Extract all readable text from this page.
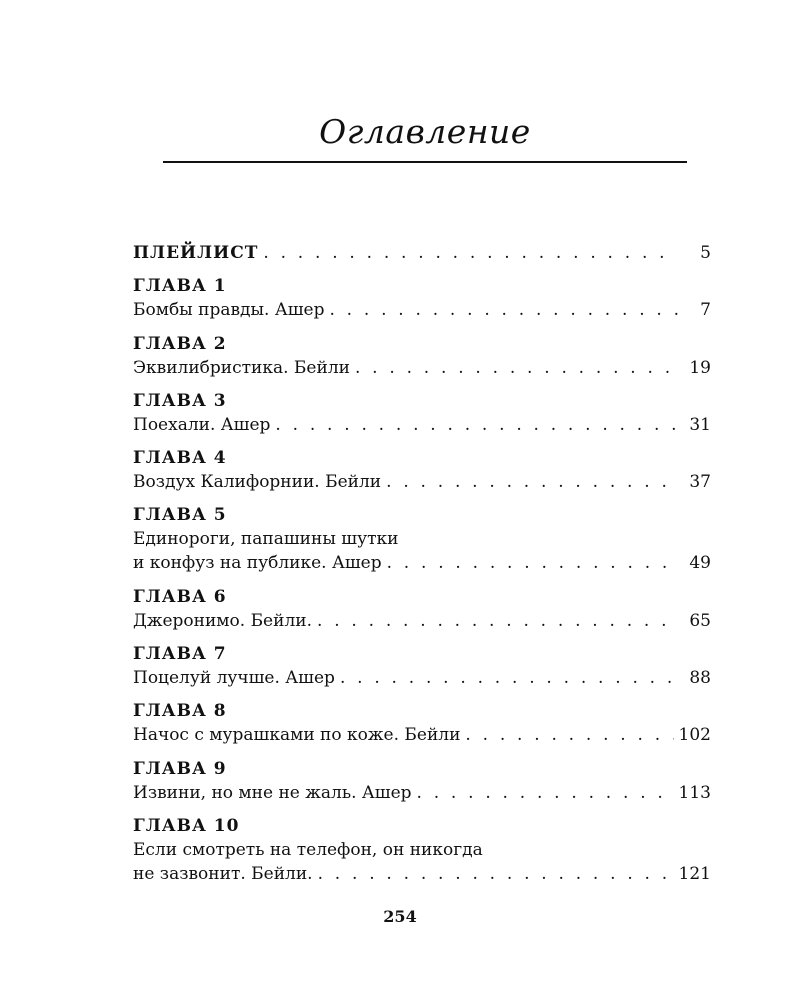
Оглавление
ПЛЕЙЛИСТ . . .	5
ГЛАВА 1
Бомбы правды. Ашер . . .	7
ГЛАВА 2
Эквилибристика. Бейли . . .	19
ГЛАВА 3
Поехали. Ашер . . .	31
ГЛАВА 4
Воздух Калифорнии. Бейли . . .	37
ГЛАВА 5
Единороги, папашины шутки
и конфуз на публике. Ашер . . .	49
ГЛАВА 6
Джеронимо. Бейли. . . .	65
ГЛАВА 7
Поцелуй лучше. Ашер . . .	88
ГЛАВА 8
Начос с мурашками по коже. Бейли . . .	102
ГЛАВА 9
Извини, но мне не жаль. Ашер . . .	113
ГЛАВА 10
Если смотреть на телефон, он никогда
не зазвонит. Бейли. . . .	121
254
